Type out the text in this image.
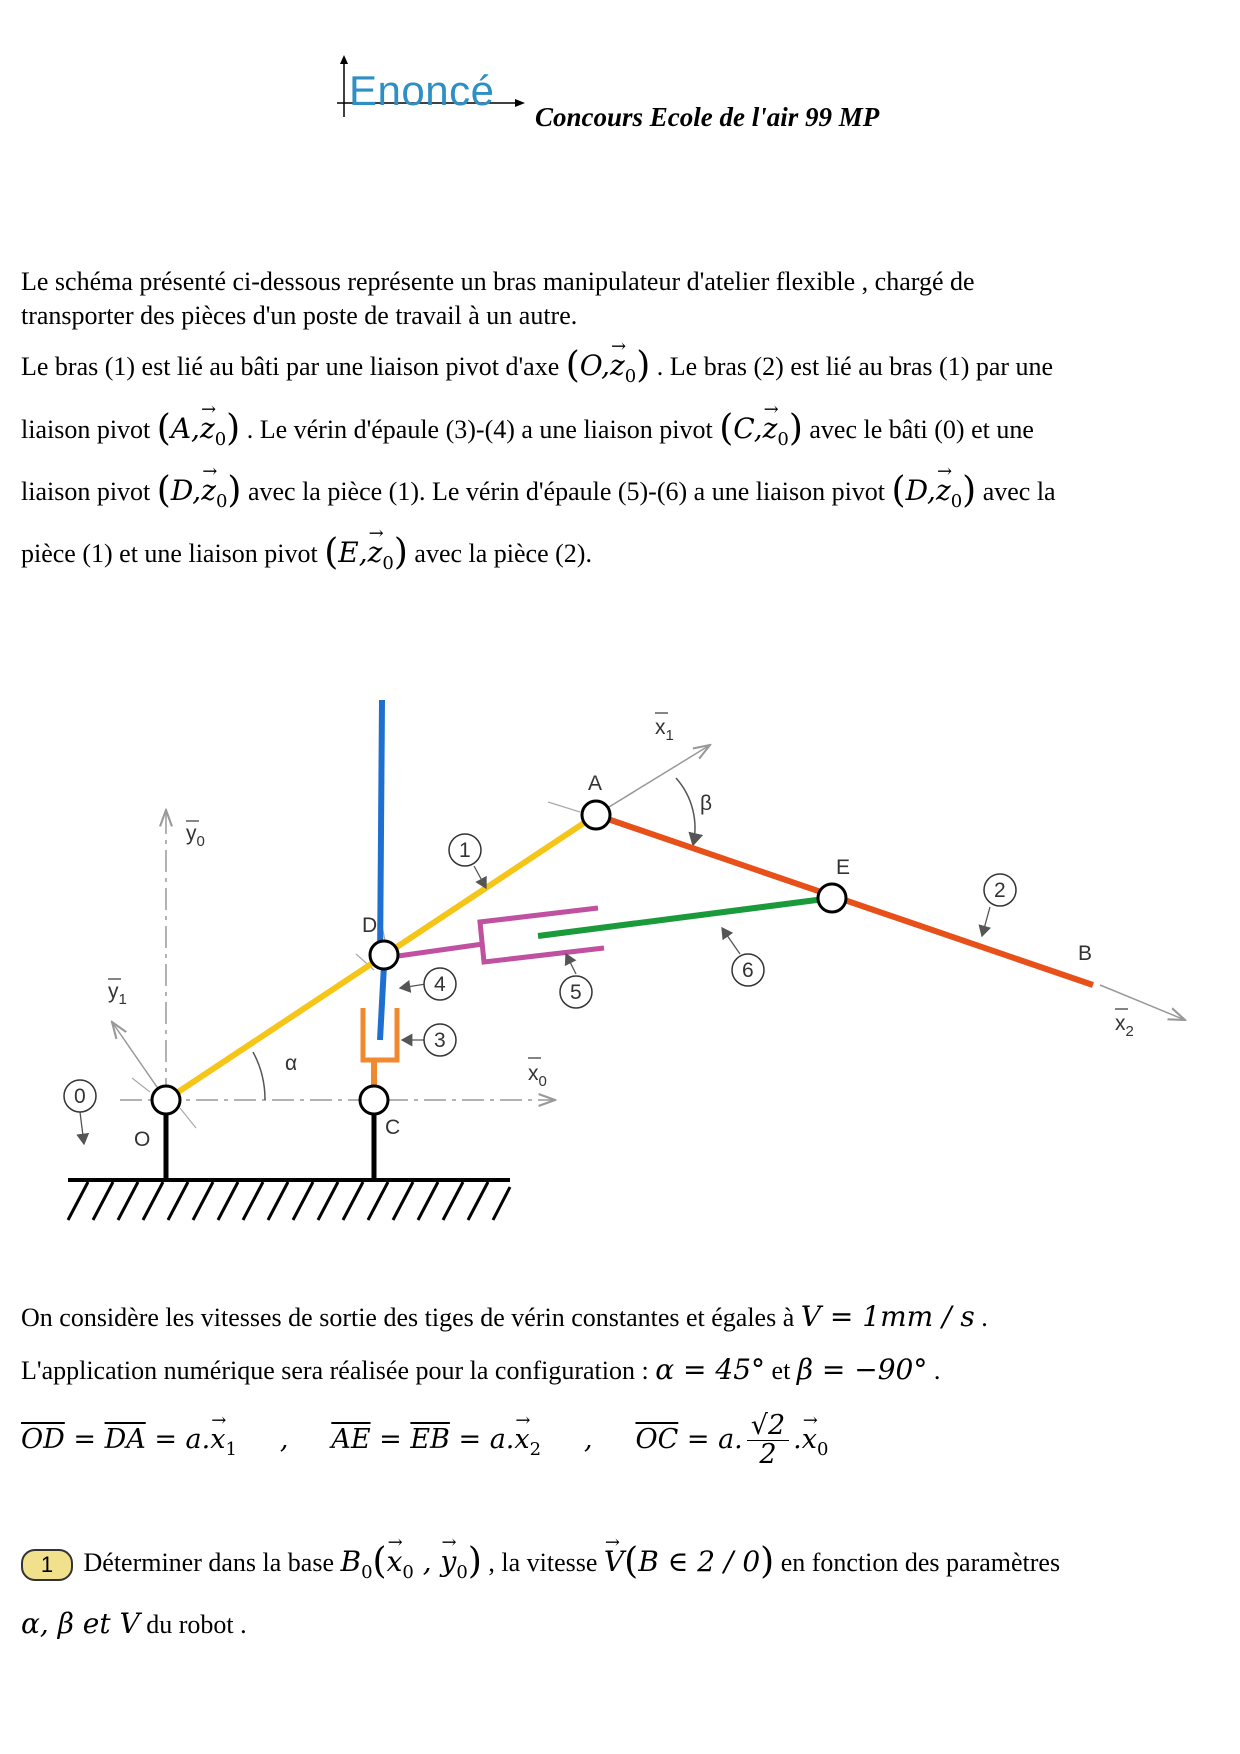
Enoncé
Concours Ecole de l'air 99 MP
Le schéma présenté ci-dessous représente un bras manipulateur d'atelier flexible , chargé de
transporter des pièces d'un poste de travail à un autre.
Le bras (1) est lié au bâti par une liaison pivot d'axe $(O,\to z_0)$ . Le bras (2) est lié au bras (1) par une
liaison pivot $(A,\to z_0)$ . Le vérin d'épaule (3)-(4) a une liaison pivot $(C,\to z_0)$ avec le bâti (0) et une
liaison pivot $(D,\to z_0)$ avec la pièce (1). Le vérin d'épaule (5)-(6) a une liaison pivot $(D,\to z_0)$ avec la
pièce (1) et une liaison pivot $(E,\to z_0)$ avec la pièce (2).
O
C
D
A
E
B
$x_0$
$y_0$
$y_1$
$x_1$
$x_2$
α
β
0
1
2
3
4	5
6
On considère les vitesses de sortie des tiges de vérin constantes et égales à V = 1mm / s .
L'application numérique sera réalisée pour la configuration : α = 45° et β = −90° .
$\overline{OD} = \overline{DA} = a.\to x_1$     ,     $\overline{AE} = \overline{EB} = a.\to x_2$     ,     $\overline{OC} = a$. $\frac{√2}{2}$ .→ $x_0$
1 Déterminer dans la base $B_0(\to x_0$ , → $y_0$) , la vitesse → V(B ∈ 2 / 0) en fonction des paramètres
α, β et V du robot .
